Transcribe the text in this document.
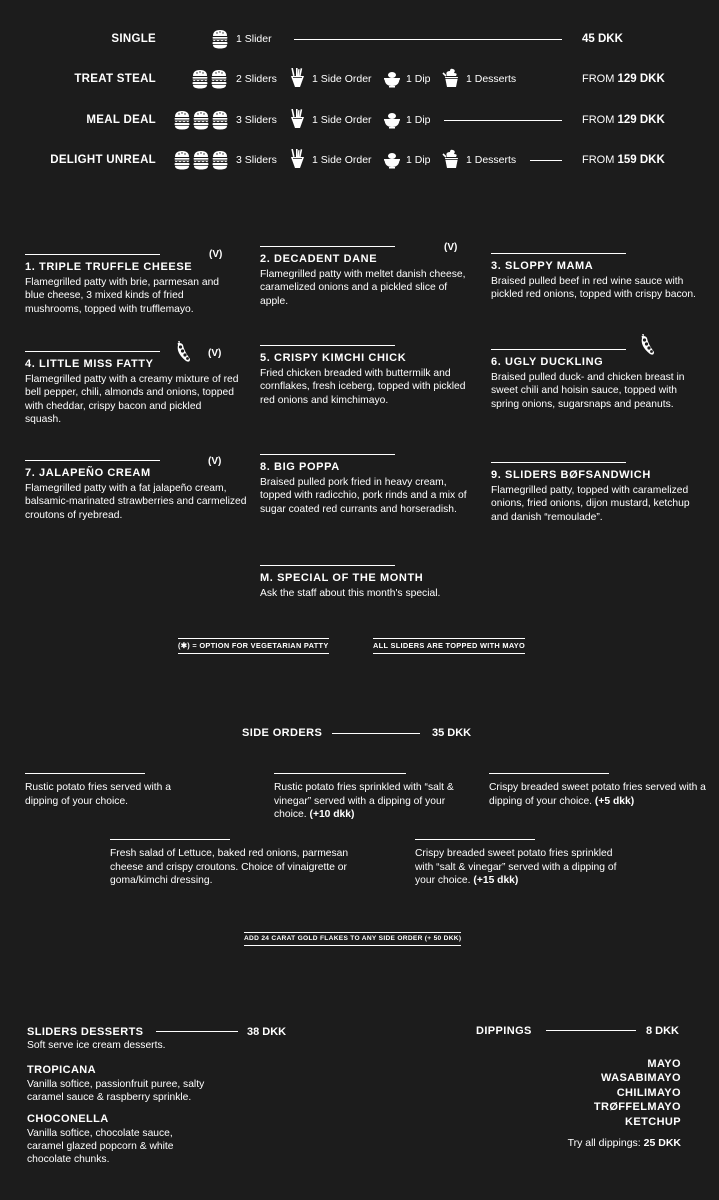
SINGLE	1 Slider	45 DKK
TREAT STEAL	2 Sliders	1 Side Order	1 Dip	1 Desserts	FROM 129 DKK
MEAL DEAL	3 Sliders	1 Side Order	1 Dip	FROM 129 DKK
DELIGHT UNREAL	3 Sliders	1 Side Order	1 Dip	1 Desserts	FROM 159 DKK
1. TRIPLE TRUFFLE CHEESE
Flamegrilled patty with brie, parmesan and blue cheese, 3 mixed kinds of fried mushrooms, topped with trufflemayo.
(V)	2. DECADENT DANE
Flamegrilled patty with meltet danish cheese, caramelized onions and a pickled slice of apple.
(V)
3. SLOPPY MAMA
Braised pulled beef in red wine sauce with pickled red onions, topped with crispy bacon.
4. LITTLE MISS FATTY
Flamegrilled patty with a creamy mixture of red bell pepper, chili, almonds and onions, topped with cheddar, crispy bacon and pickled squash.
(V)	5. CRISPY KIMCHI CHICK
Fried chicken breaded with buttermilk and cornflakes, fresh iceberg, topped with pickled red onions and kimchimayo.
6. UGLY DUCKLING
Braised pulled duck- and chicken breast in sweet chili and hoisin sauce, topped with spring onions, sugarsnaps and peanuts.
7. JALAPEÑO CREAM
Flamegrilled patty with a fat jalapeño cream, balsamic-marinated strawberries and carmelized croutons of ryebread.
(V)	8. BIG POPPA
Braised pulled pork fried in heavy cream, topped with radicchio, pork rinds and a mix of sugar coated red currants and horseradish.
9. SLIDERS BØFSANDWICH
Flamegrilled patty, topped with caramelized onions, fried onions, dijon mustard, ketchup and danish “remoulade”.
M. SPECIAL OF THE MONTH
Ask the staff about this month's special.
(✱) = OPTION FOR VEGETARIAN PATTY	ALL SLIDERS ARE TOPPED WITH MAYO
SIDE ORDERS	35 DKK
Rustic potato fries served with a dipping of your choice.
Rustic potato fries sprinkled with “salt & vinegar” served with a dipping of your choice. (+10 dkk)
Crispy breaded sweet potato fries served with a dipping of your choice. (+5 dkk)
Fresh salad of Lettuce, baked red onions, parmesan cheese and crispy croutons. Choice of vinaigrette or goma/kimchi dressing.
Crispy breaded sweet potato fries sprinkled with “salt & vinegar” served with a dipping of your choice. (+15 dkk)
ADD 24 CARAT GOLD FLAKES TO ANY SIDE ORDER (+ 50 DKK)
SLIDERS DESSERTS	38 DKK
Soft serve ice cream desserts.
TROPICANA
Vanilla softice, passionfruit puree, salty caramel sauce & raspberry sprinkle.
CHOCONELLA
Vanilla softice, chocolate sauce, caramel glazed popcorn & white chocolate chunks.
DIPPINGS	8 DKK
MAYO
WASABIMAYO
CHILIMAYO
TRØFFELMAYO
KETCHUP
Try all dippings: 25 DKK
